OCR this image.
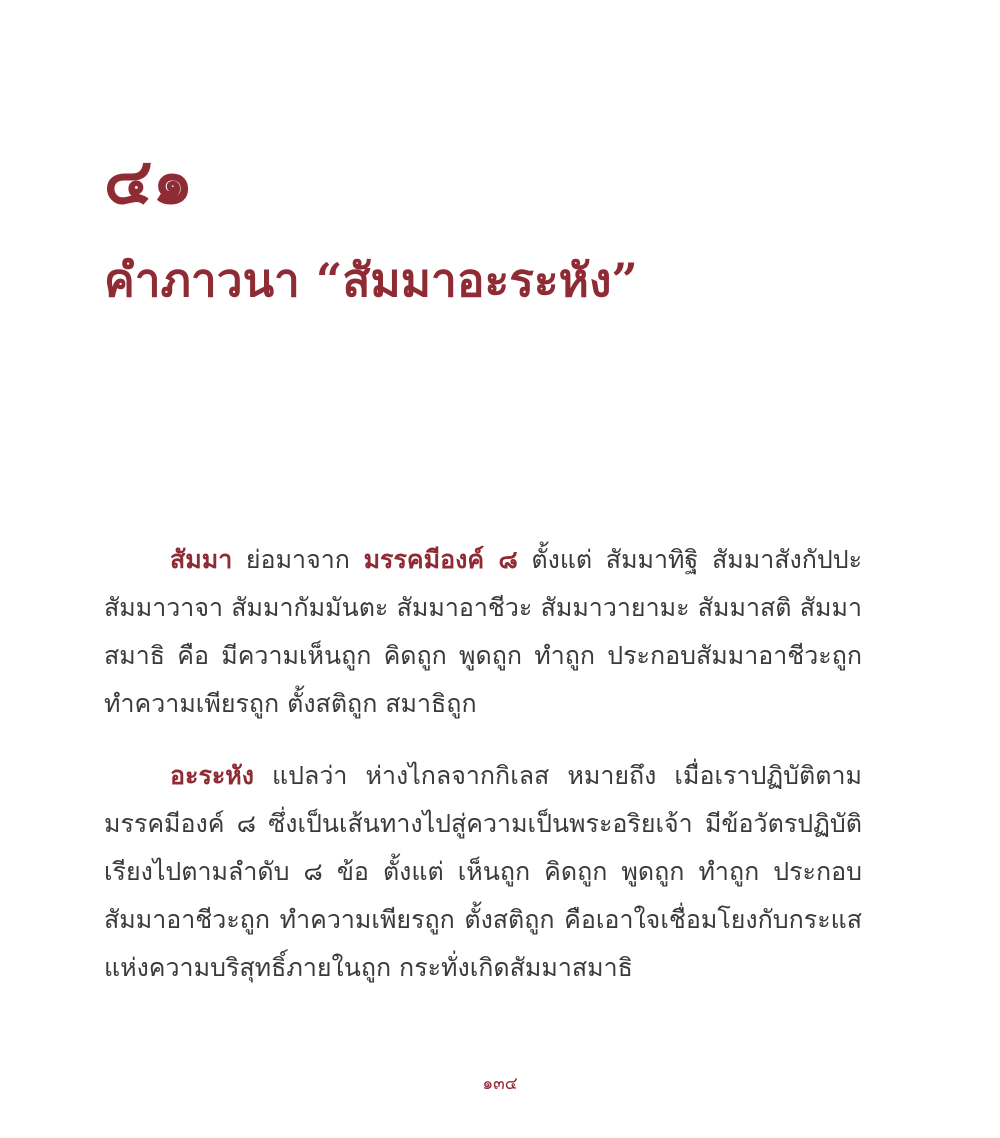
๔๑
คำภาวนา “สัมมาอะระหัง”

สัมมา ย่อมาจาก มรรคมีองค์ ๘ ตั้งแต่ สัมมาทิฐิ สัมมาสังกัปปะ สัมมาวาจา สัมมากัมมันตะ สัมมาอาชีวะ สัมมาวายามะ สัมมาสติ สัมมาสมาธิ คือ มีความเห็นถูก คิดถูก พูดถูก ทำถูก ประกอบสัมมาอาชีวะถูก ทำความเพียรถูก ตั้งสติถูก สมาธิถูก

อะระหัง แปลว่า ห่างไกลจากกิเลส หมายถึง เมื่อเราปฏิบัติตามมรรคมีองค์ ๘ ซึ่งเป็นเส้นทางไปสู่ความเป็นพระอริยเจ้า มีข้อวัตรปฏิบัติเรียงไปตามลำดับ ๘ ข้อ ตั้งแต่ เห็นถูก คิดถูก พูดถูก ทำถูก ประกอบสัมมาอาชีวะถูก ทำความเพียรถูก ตั้งสติถูก คือเอาใจเชื่อมโยงกับกระแสแห่งความบริสุทธิ์ภายในถูก กระทั่งเกิดสัมมาสมาธิ

๑๓๔
